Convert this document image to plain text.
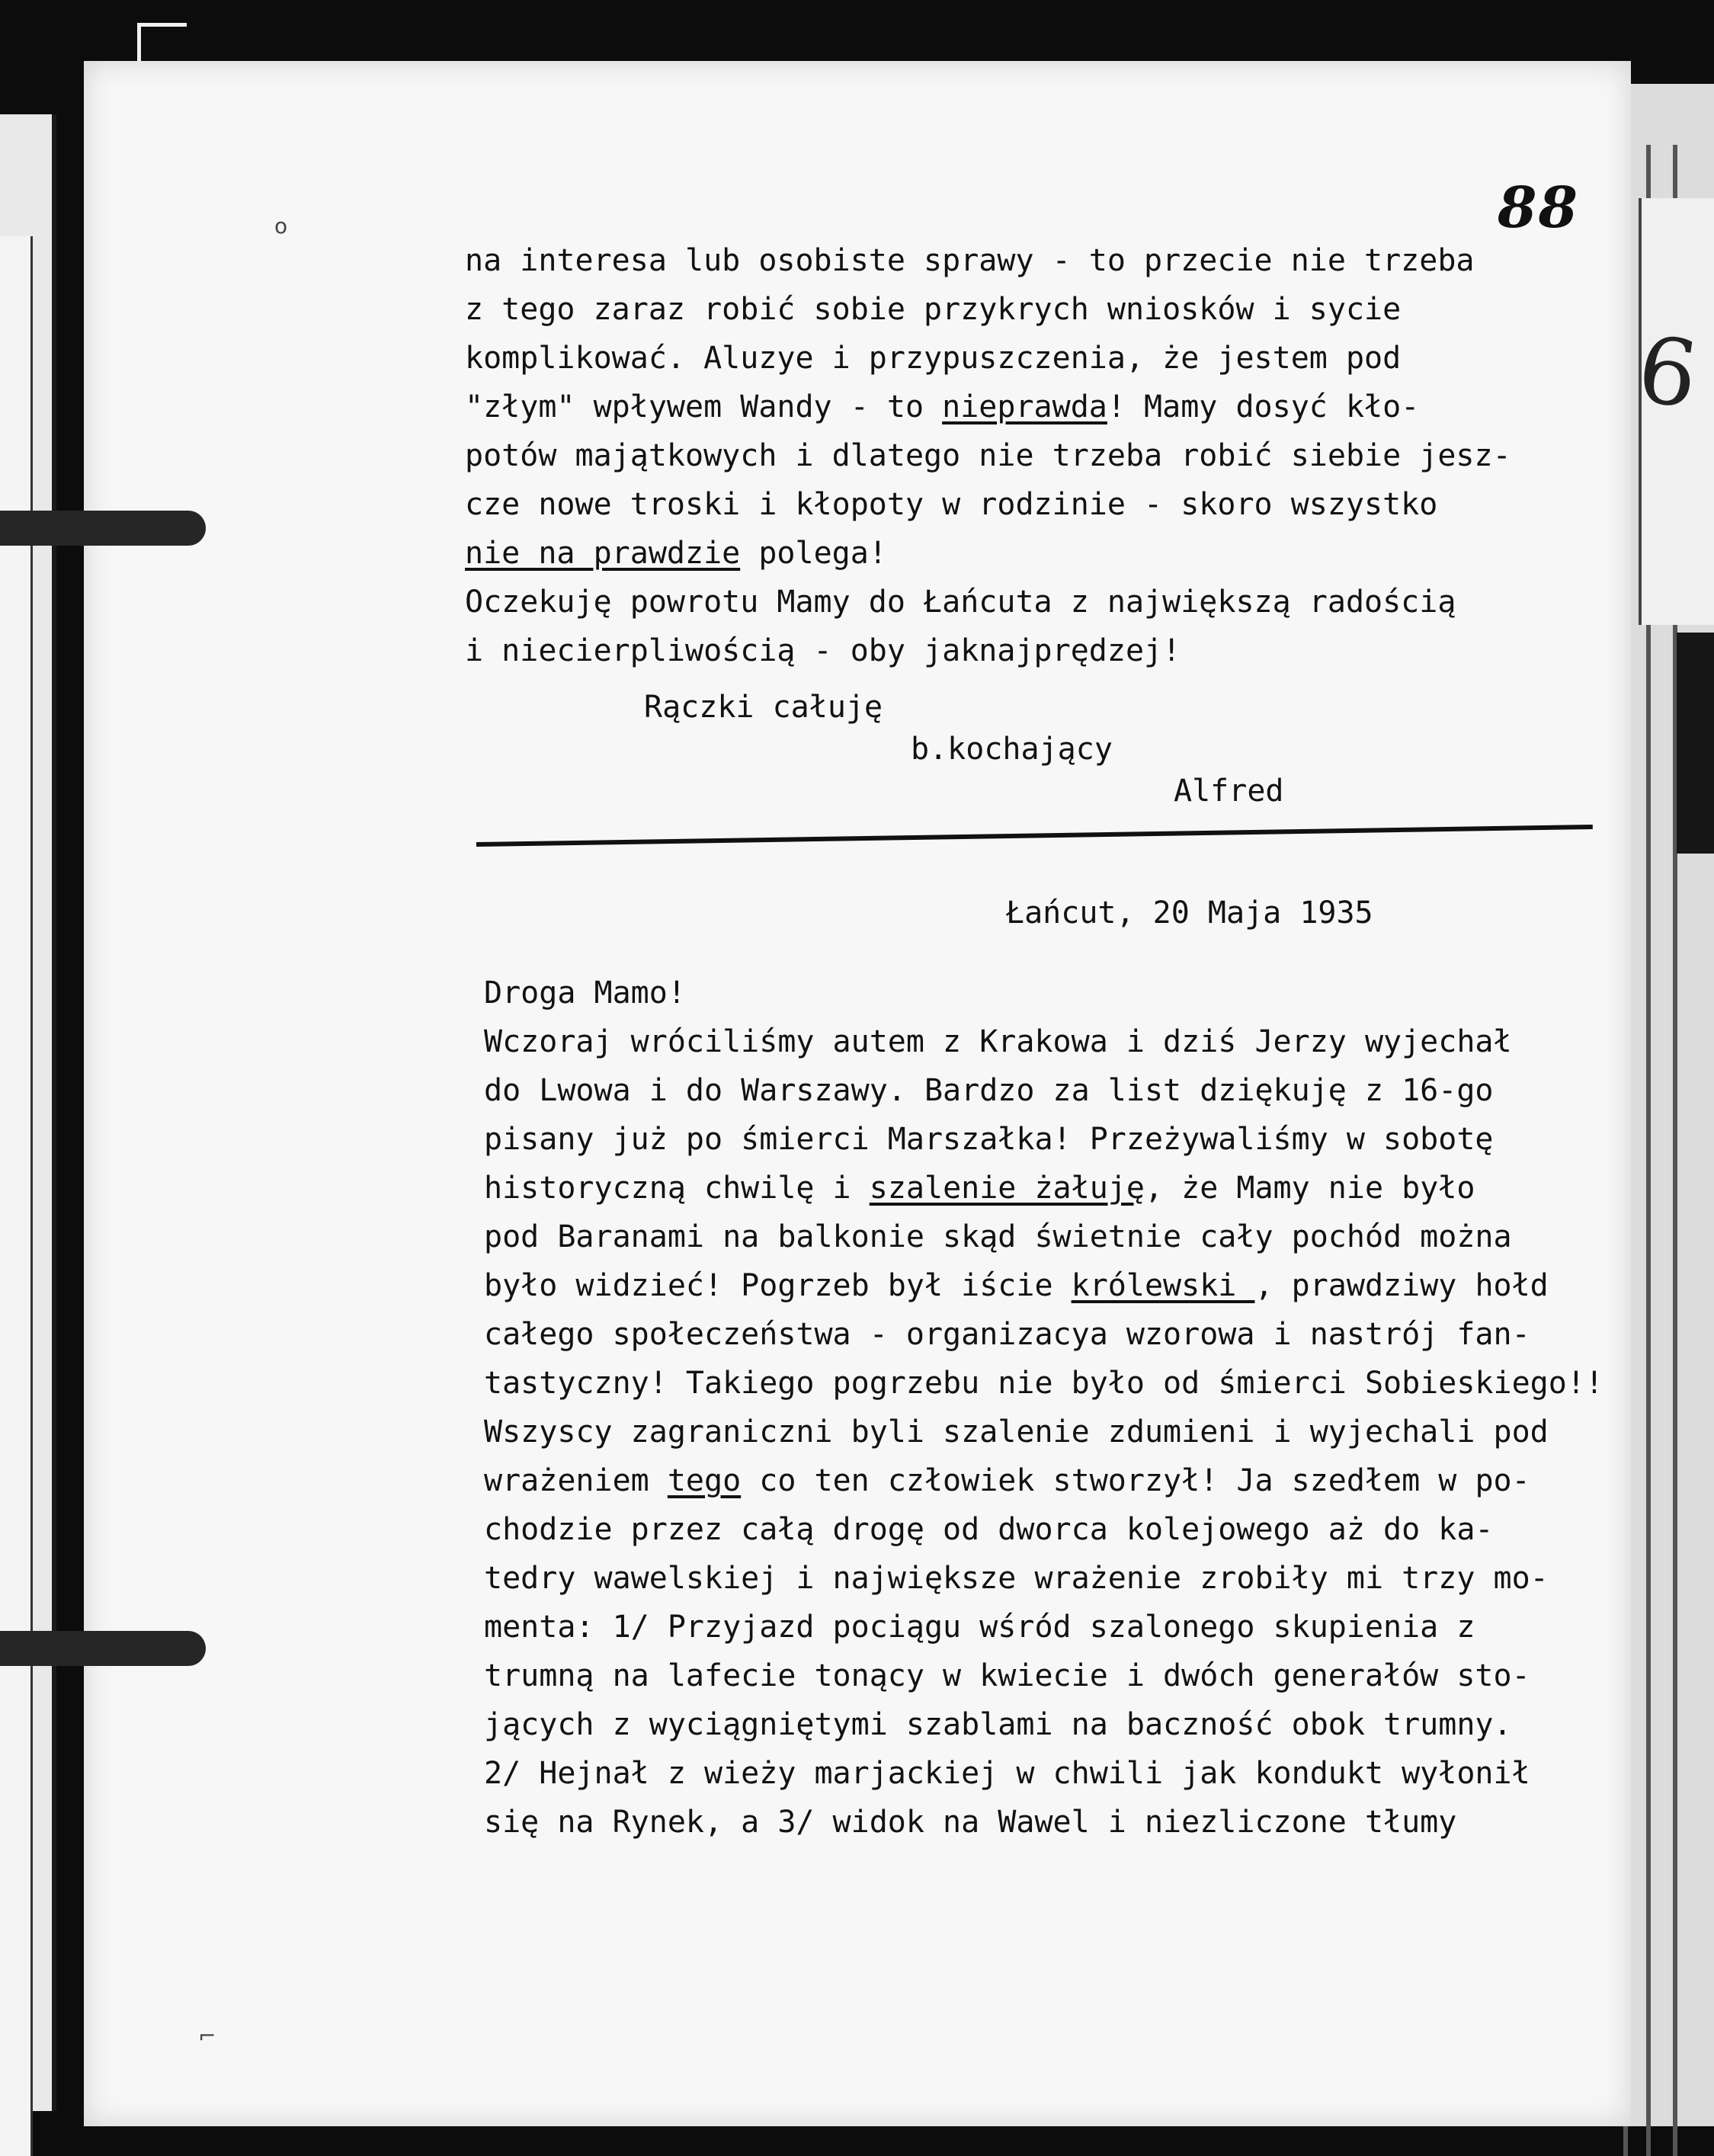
6
88
o
⌐
na interesa lub osobiste sprawy - to przecie nie trzeba
z tego zaraz robić sobie przykrych wniosków i sycie
komplikować. Aluzye i przypuszczenia, że jestem pod
"złym" wpływem Wandy - to nieprawda! Mamy dosyć kło-
potów majątkowych i dlatego nie trzeba robić siebie jesz-
cze nowe troski i kłopoty w rodzinie - skoro wszystko
nie na prawdzie polega!
Oczekuję powrotu Mamy do Łańcuta z największą radością
i niecierpliwością - oby jaknajprędzej!
Rączki całuję
b.kochający
Alfred
Łańcut, 20 Maja 1935
Droga Mamo!
Wczoraj wróciliśmy autem z Krakowa i dziś Jerzy wyjechał
do Lwowa i do Warszawy. Bardzo za list dziękuję z 16-go
pisany już po śmierci Marszałka! Przeżywaliśmy w sobotę
historyczną chwilę i szalenie żałuję, że Mamy nie było
pod Baranami na balkonie skąd świetnie cały pochód można
było widzieć! Pogrzeb był iście królewski , prawdziwy hołd
całego społeczeństwa - organizacya wzorowa i nastrój fan-
tastyczny! Takiego pogrzebu nie było od śmierci Sobieskiego!!
Wszyscy zagraniczni byli szalenie zdumieni i wyjechali pod
wrażeniem tego co ten człowiek stworzył! Ja szedłem w po-
chodzie przez całą drogę od dworca kolejowego aż do ka-
tedry wawelskiej i największe wrażenie zrobiły mi trzy mo-
menta: 1/ Przyjazd pociągu wśród szalonego skupienia z
trumną na lafecie tonący w kwiecie i dwóch generałów sto-
jących z wyciągniętymi szablami na baczność obok trumny.
2/ Hejnał z wieży marjackiej w chwili jak kondukt wyłonił
się na Rynek, a 3/ widok na Wawel i niezliczone tłumy
